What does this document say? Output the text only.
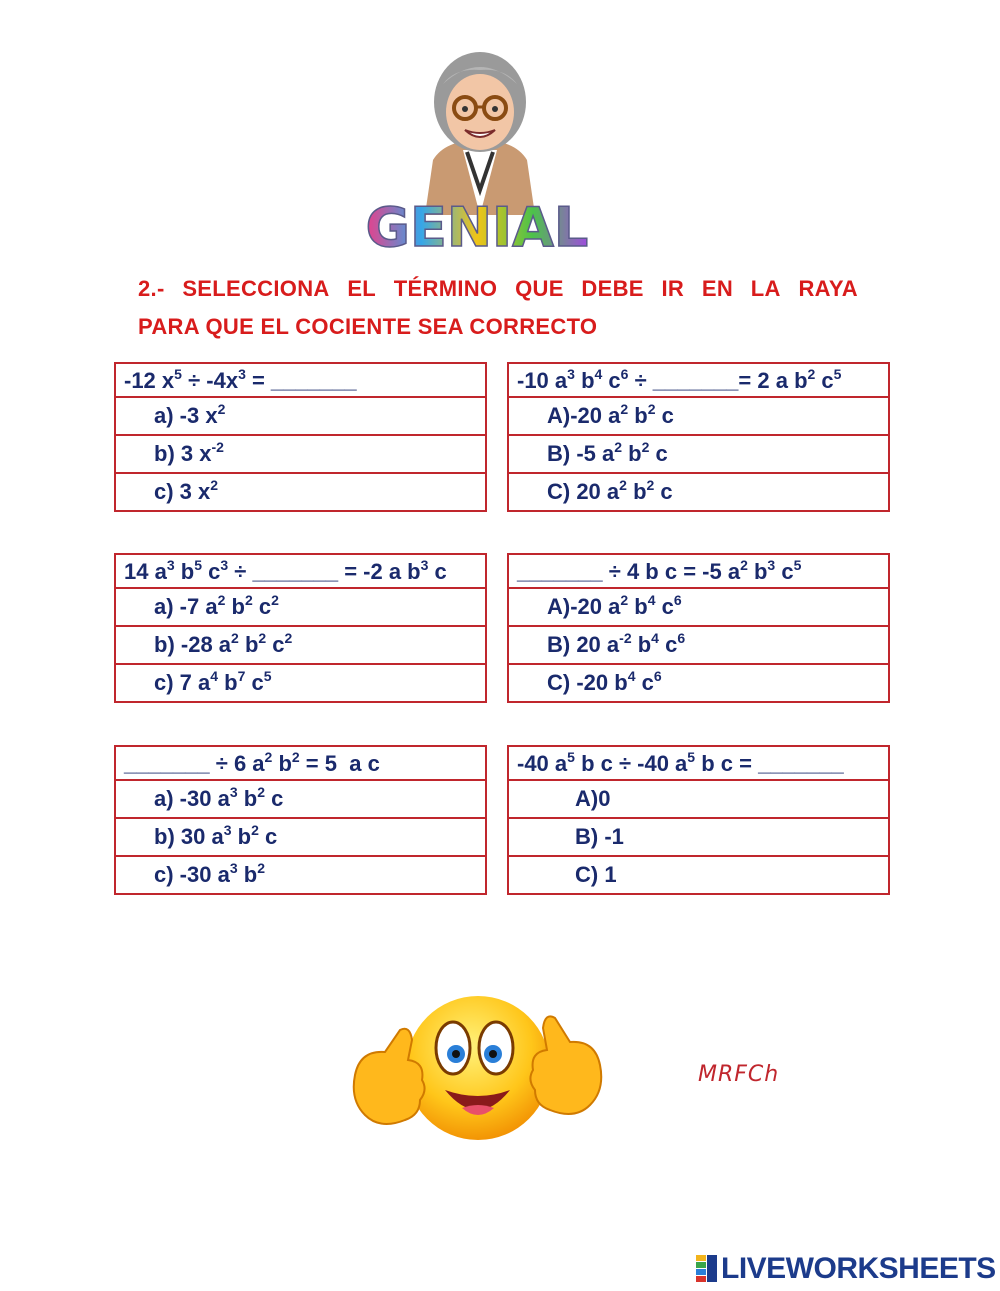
GENIAL
2.- SELECCIONA EL TÉRMINO QUE DEBE IR EN LA RAYA
PARA QUE EL COCIENTE SEA CORRECTO
-12 $x^5 \div -4x^3$ = _______
a) -3 $x^2$
b) 3 $x^{-2}$
c) 3 $x^2$
-10 $a^3$ $b^4$ $c^6$ ÷ _______= 2 a $b^2$ $c^5$
A)-20 $a^2$ $b^2$ c
B) -5 $a^2$ $b^2$ c
C) 20 $a^2$ $b^2$ c
14 $a^3$ $b^5$ $c^3$ ÷ _______ = -2 a $b^3$ c
a) -7 $a^2$ $b^2$ $c^2$
b) -28 $a^2$ $b^2$ $c^2$
c) 7 $a^4$ $b^7$ $c^5$
_______ ÷ 4 b c = -5 $a^2$ $b^3$ $c^5$
A)-20 $a^2$ $b^4$ $c^6$
B) 20 $a^{-2}$ $b^4$ $c^6$
C) -20 $b^4$ $c^6$
_______ ÷ 6 $a^2$ $b^2 = 5$  a c
a) -30 $a^3$ $b^2$ c
b) 30 $a^3$ $b^2$ c
c) -30 $a^3$ $b^2$
-40 $a^5$ b c ÷ -40 $a^5$ b c = _______
A)0
B) -1
C) 1
MRFCh
LIVEWORKSHEETS
